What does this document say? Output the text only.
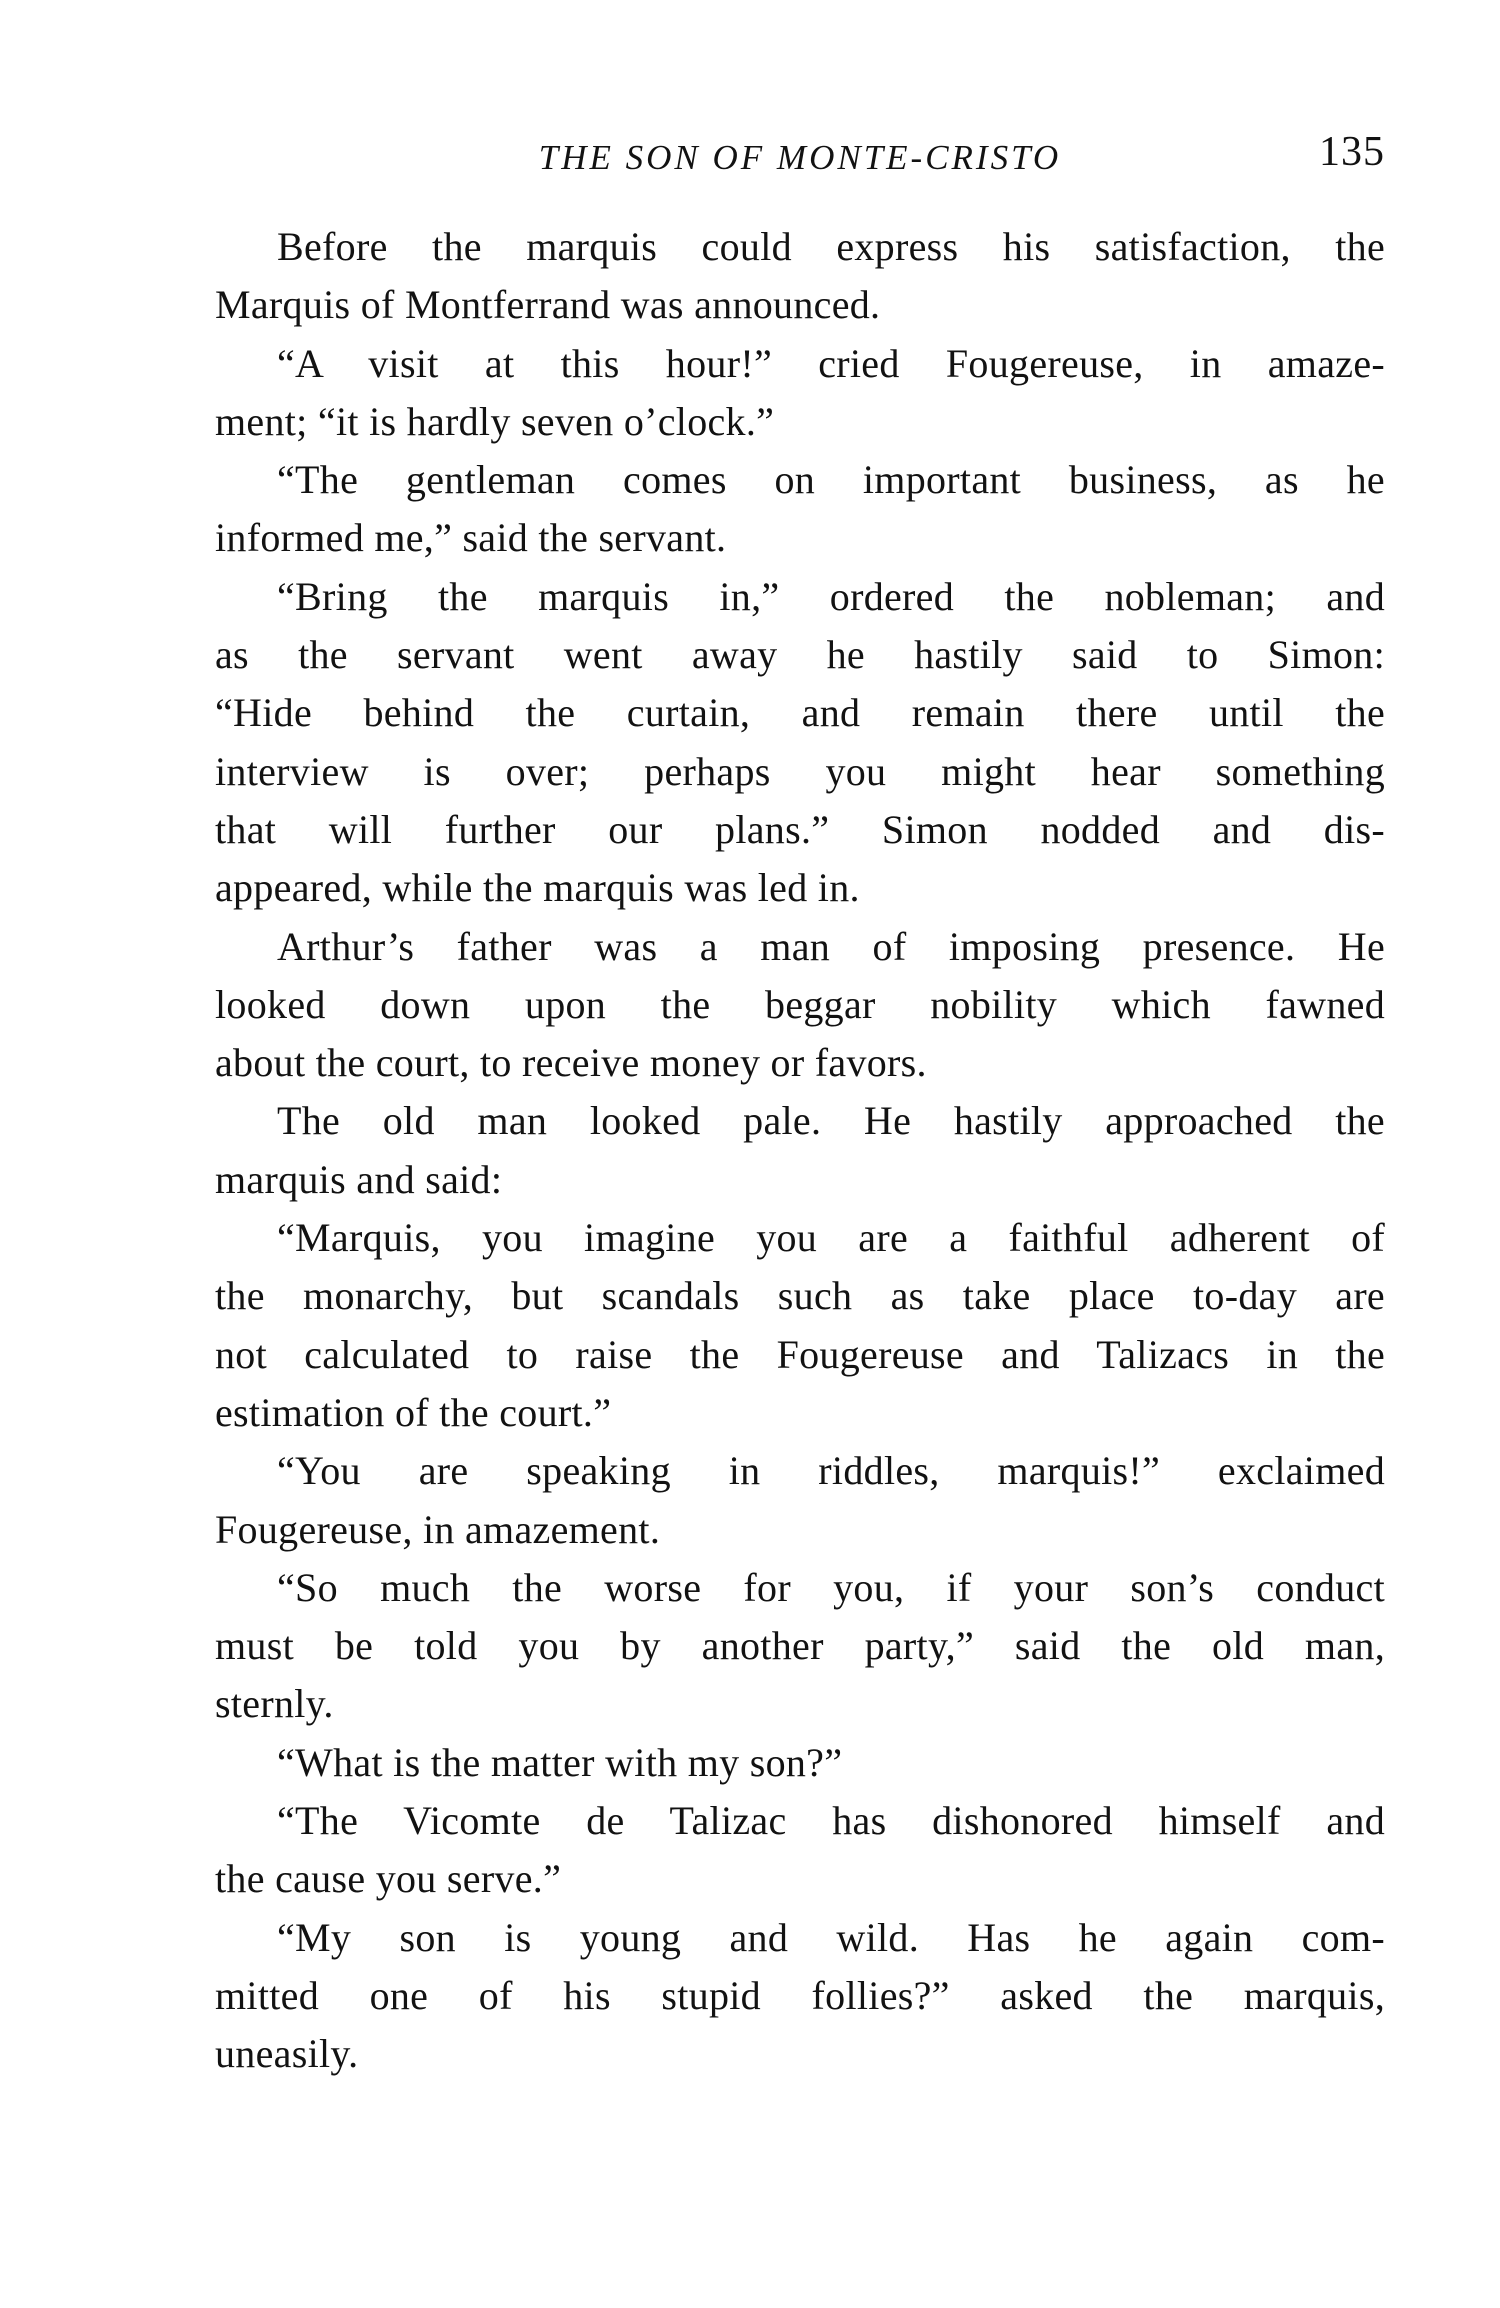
THE SON OF MONTE-CRISTO	135

Before the marquis could express his satisfaction, the
Marquis of Montferrand was announced.

“A visit at this hour!” cried Fougereuse, in amaze-
ment; “it is hardly seven o’clock.”

“The gentleman comes on important business, as he
informed me,” said the servant.

“Bring the marquis in,” ordered the nobleman; and
as the servant went away he hastily said to Simon:
“Hide behind the curtain, and remain there until the
interview is over; perhaps you might hear something
that will further our plans.” Simon nodded and dis-
appeared, while the marquis was led in.

Arthur’s father was a man of imposing presence. He
looked down upon the beggar nobility which fawned
about the court, to receive money or favors.

The old man looked pale. He hastily approached the
marquis and said:

“Marquis, you imagine you are a faithful adherent of
the monarchy, but scandals such as take place to-day are
not calculated to raise the Fougereuse and Talizacs in the
estimation of the court.”

“You are speaking in riddles, marquis!” exclaimed
Fougereuse, in amazement.

“So much the worse for you, if your son’s conduct
must be told you by another party,” said the old man,
sternly.

“What is the matter with my son?”

“The Vicomte de Talizac has dishonored himself and
the cause you serve.”

“My son is young and wild. Has he again com-
mitted one of his stupid follies?” asked the marquis,
uneasily.
